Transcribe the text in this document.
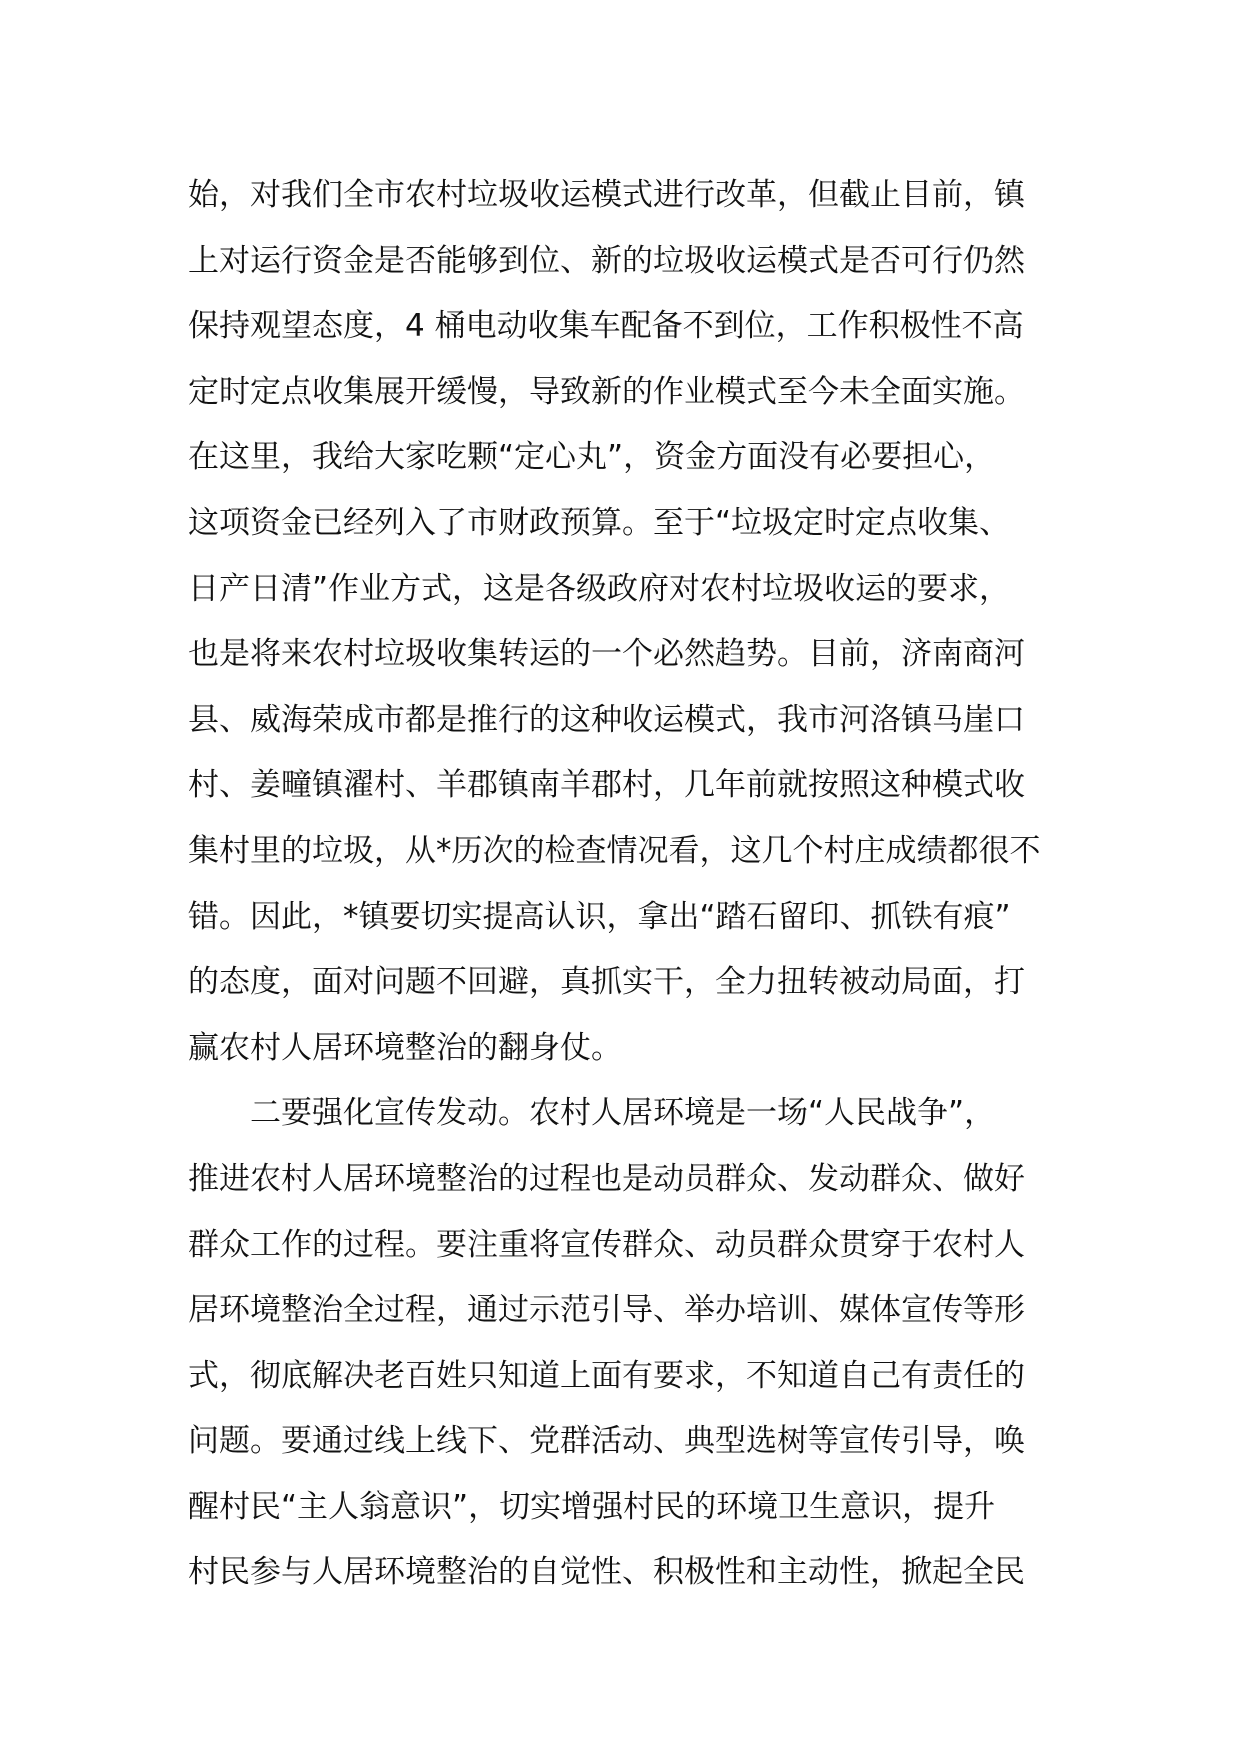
始，对我们全市农村垃圾收运模式进行改革，但截止目前，镇
上对运行资金是否能够到位、新的垃圾收运模式是否可行仍然
保持观望态度，4 桶电动收集车配备不到位，工作积极性不高
定时定点收集展开缓慢，导致新的作业模式至今未全面实施。
在这里，我给大家吃颗“定心丸”，资金方面没有必要担心，
这项资金已经列入了市财政预算。至于“垃圾定时定点收集、
日产日清”作业方式，这是各级政府对农村垃圾收运的要求，
也是将来农村垃圾收集转运的一个必然趋势。目前，济南商河
县、威海荣成市都是推行的这种收运模式，我市河洛镇马崖口
村、姜疃镇濯村、羊郡镇南羊郡村，几年前就按照这种模式收
集村里的垃圾，从*历次的检查情况看，这几个村庄成绩都很不
错。因此，*镇要切实提高认识，拿出“踏石留印、抓铁有痕”
的态度，面对问题不回避，真抓实干，全力扭转被动局面，打
赢农村人居环境整治的翻身仗。
二要强化宣传发动。农村人居环境是一场“人民战争”，
推进农村人居环境整治的过程也是动员群众、发动群众、做好
群众工作的过程。要注重将宣传群众、动员群众贯穿于农村人
居环境整治全过程，通过示范引导、举办培训、媒体宣传等形
式，彻底解决老百姓只知道上面有要求，不知道自己有责任的
问题。要通过线上线下、党群活动、典型选树等宣传引导，唤
醒村民“主人翁意识”，切实增强村民的环境卫生意识，提升
村民参与人居环境整治的自觉性、积极性和主动性，掀起全民
